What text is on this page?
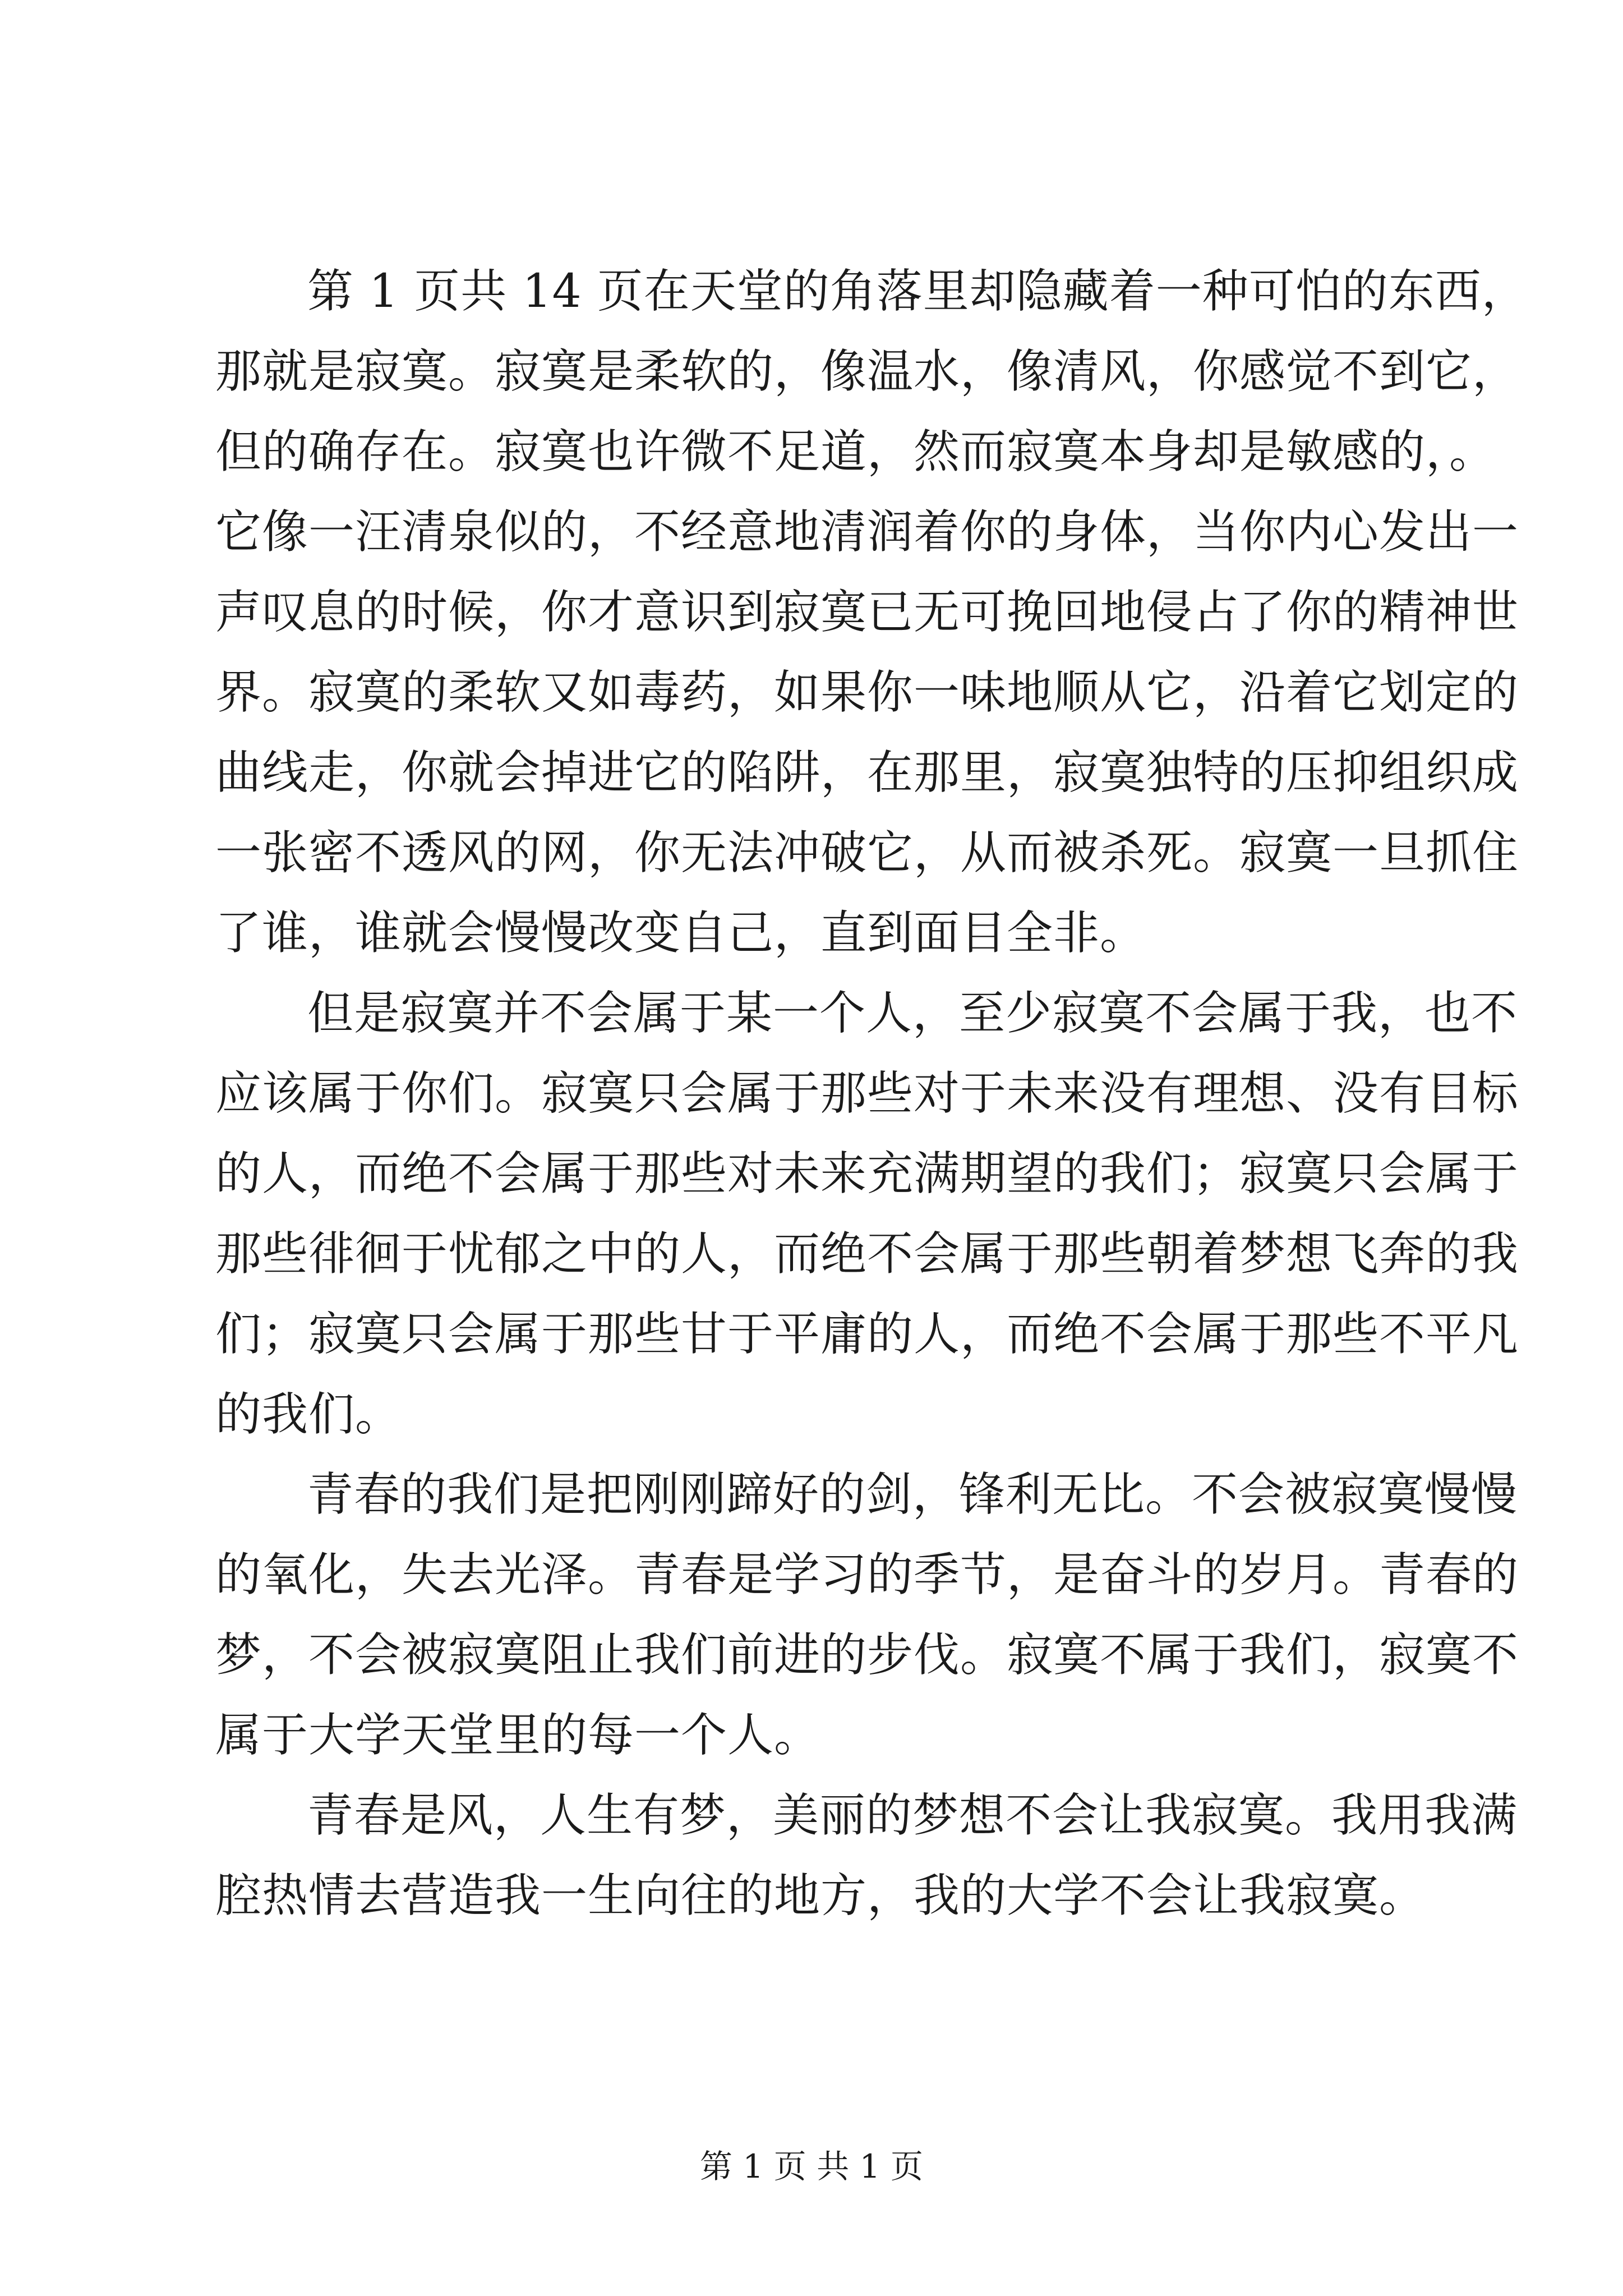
第 1 页共 14 页在天堂的角落里却隐藏着一种可怕的东西，
那就是寂寞。寂寞是柔软的，像温水，像清风，你感觉不到它，
但的确存在。寂寞也许微不足道，然而寂寞本身却是敏感的，。
它像一汪清泉似的，不经意地清润着你的身体，当你内心发出一
声叹息的时候，你才意识到寂寞已无可挽回地侵占了你的精神世
界。寂寞的柔软又如毒药，如果你一味地顺从它，沿着它划定的
曲线走，你就会掉进它的陷阱，在那里，寂寞独特的压抑组织成
一张密不透风的网，你无法冲破它，从而被杀死。寂寞一旦抓住
了谁，谁就会慢慢改变自己，直到面目全非。
但是寂寞并不会属于某一个人，至少寂寞不会属于我，也不
应该属于你们。寂寞只会属于那些对于未来没有理想、没有目标
的人，而绝不会属于那些对未来充满期望的我们；寂寞只会属于
那些徘徊于忧郁之中的人，而绝不会属于那些朝着梦想飞奔的我
们；寂寞只会属于那些甘于平庸的人，而绝不会属于那些不平凡
的我们。
青春的我们是把刚刚蹄好的剑，锋利无比。不会被寂寞慢慢
的氧化，失去光泽。青春是学习的季节，是奋斗的岁月。青春的
梦，不会被寂寞阻止我们前进的步伐。寂寞不属于我们，寂寞不
属于大学天堂里的每一个人。
青春是风，人生有梦，美丽的梦想不会让我寂寞。我用我满
腔热情去营造我一生向往的地方，我的大学不会让我寂寞。
第 1 页 共 1 页
